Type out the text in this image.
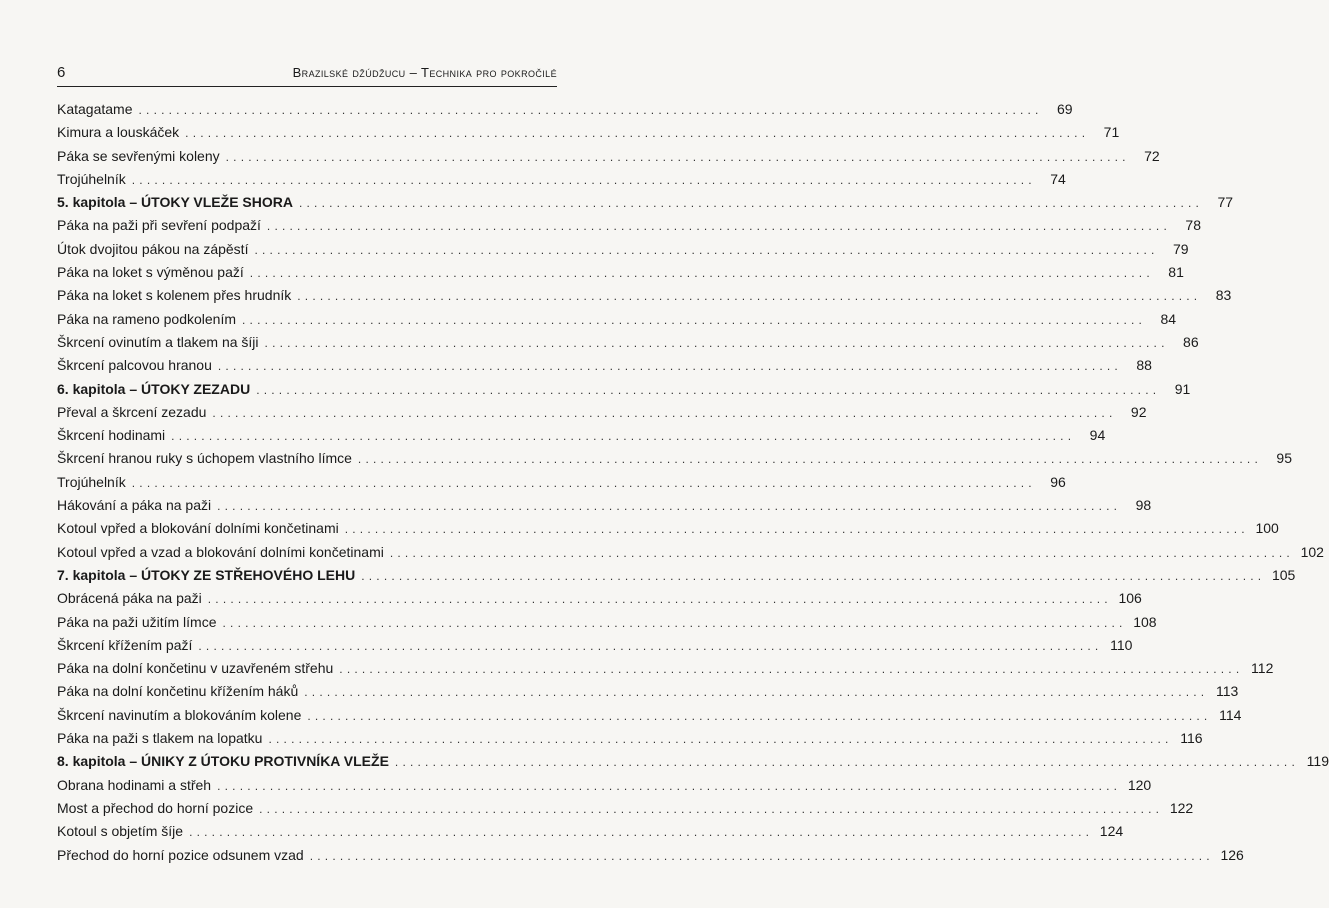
6	Brazilské džúdžucu – Technika pro pokročilé
Katagatame ........................................................................................................................	69
Kimura a louskáček ........................................................................................................................	71
Páka se sevřenými koleny ........................................................................................................................	72
Trojúhelník ........................................................................................................................	74
5. kapitola – ÚTOKY VLEŽE SHORA ........................................................................................................................	77
Páka na paži při sevření podpaží ........................................................................................................................	78
Útok dvojitou pákou na zápěstí ........................................................................................................................	79
Páka na loket s výměnou paží ........................................................................................................................	81
Páka na loket s kolenem přes hrudník ........................................................................................................................	83
Páka na rameno podkolením ........................................................................................................................	84
Škrcení ovinutím a tlakem na šíji ........................................................................................................................	86
Škrcení palcovou hranou ........................................................................................................................	88
6. kapitola – ÚTOKY ZEZADU ........................................................................................................................	91
Převal a škrcení zezadu ........................................................................................................................	92
Škrcení hodinami ........................................................................................................................	94
Škrcení hranou ruky s úchopem vlastního límce ........................................................................................................................	95
Trojúhelník ........................................................................................................................	96
Hákování a páka na paži ........................................................................................................................	98
Kotoul vpřed a blokování dolními končetinami ........................................................................................................................ 100
Kotoul vpřed a vzad a blokování dolními končetinami ........................................................................................................................ 102
7. kapitola – ÚTOKY ZE STŘEHOVÉHO LEHU ........................................................................................................................ 105
Obrácená páka na paži ........................................................................................................................ 106
Páka na paži užitím límce ........................................................................................................................ 108
Škrcení křížením paží ........................................................................................................................ 110
Páka na dolní končetinu v uzavřeném střehu ........................................................................................................................ 112
Páka na dolní končetinu křížením háků ........................................................................................................................ 113
Škrcení navinutím a blokováním kolene ........................................................................................................................ 114
Páka na paži s tlakem na lopatku ........................................................................................................................ 116
8. kapitola – ÚNIKY Z ÚTOKU PROTIVNÍKA VLEŽE ........................................................................................................................ 119
Obrana hodinami a střeh ........................................................................................................................ 120
Most a přechod do horní pozice ........................................................................................................................ 122
Kotoul s objetím šíje ........................................................................................................................ 124
Přechod do horní pozice odsunem vzad ........................................................................................................................ 126
